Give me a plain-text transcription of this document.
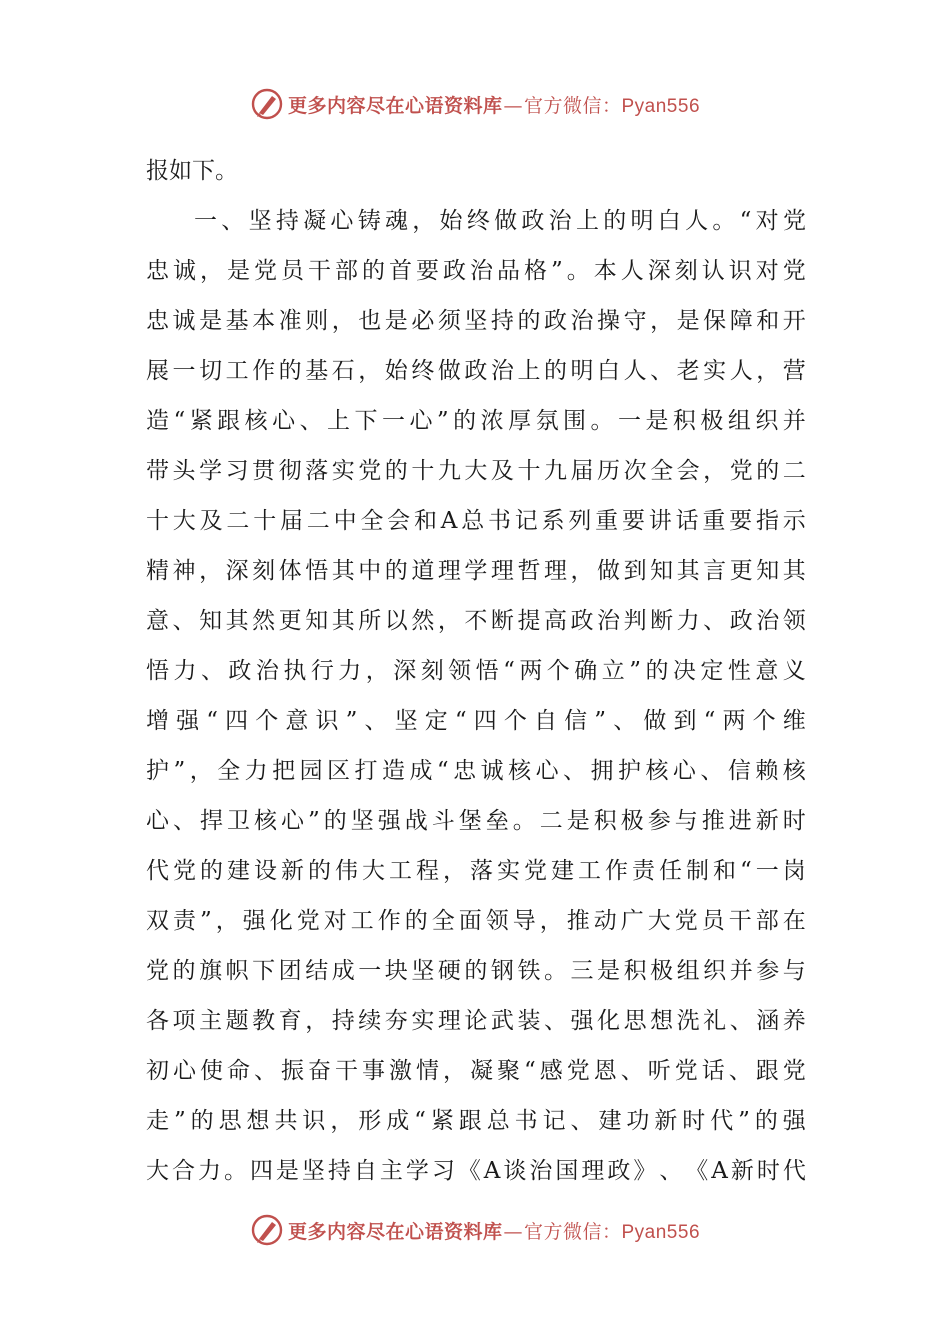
更多内容尽在心语资料库—官方微信：Pyan556
报如下。
一 、 坚 持 凝 心 铸 魂 ， 始 终 做 政 治 上 的 明 白 人 。 “ 对 党
忠 诚 ， 是 党 员 干 部 的 首 要 政 治 品 格 ” 。 本 人 深 刻 认 识 对 党
忠 诚 是 基 本 准 则 ， 也 是 必 须 坚 持 的 政 治 操 守 ， 是 保 障 和 开
展 一 切 工 作 的 基 石 ， 始 终 做 政 治 上 的 明 白 人 、 老 实 人 ， 营
造 “ 紧 跟 核 心 、 上 下 一 心 ” 的 浓 厚 氛 围 。 一 是 积 极 组 织 并
带 头 学 习 贯 彻 落 实 党 的 十 九 大 及 十 九 届 历 次 全 会 ， 党 的 二
十 大 及 二 十 届 二 中 全 会 和 A 总 书 记 系 列 重 要 讲 话 重 要 指 示
精 神 ， 深 刻 体 悟 其 中 的 道 理 学 理 哲 理 ， 做 到 知 其 言 更 知 其
意 、 知 其 然 更 知 其 所 以 然 ， 不 断 提 高 政 治 判 断 力 、 政 治 领
悟 力 、 政 治 执 行 力 ， 深 刻 领 悟 “ 两 个 确 立 ” 的 决 定 性 意 义
增 强 “ 四 个 意 识 ” 、 坚 定 “ 四 个 自 信 ” 、 做 到 “ 两 个 维
护 ” ， 全 力 把 园 区 打 造 成 “ 忠 诚 核 心 、 拥 护 核 心 、 信 赖 核
心 、 捍 卫 核 心 ” 的 坚 强 战 斗 堡 垒 。 二 是 积 极 参 与 推 进 新 时
代 党 的 建 设 新 的 伟 大 工 程 ， 落 实 党 建 工 作 责 任 制 和 “ 一 岗
双 责 ” ， 强 化 党 对 工 作 的 全 面 领 导 ， 推 动 广 大 党 员 干 部 在
党 的 旗 帜 下 团 结 成 一 块 坚 硬 的 钢 铁 。 三 是 积 极 组 织 并 参 与
各 项 主 题 教 育 ， 持 续 夯 实 理 论 武 装 、 强 化 思 想 洗 礼 、 涵 养
初 心 使 命 、 振 奋 干 事 激 情 ， 凝 聚 “ 感 党 恩 、 听 党 话 、 跟 党
走 ” 的 思 想 共 识 ， 形 成 “ 紧 跟 总 书 记 、 建 功 新 时 代 ” 的 强
大 合 力 。 四 是 坚 持 自 主 学 习 《 A 谈 治 国 理 政 》 、 《 A 新 时 代
更多内容尽在心语资料库—官方微信：Pyan556
